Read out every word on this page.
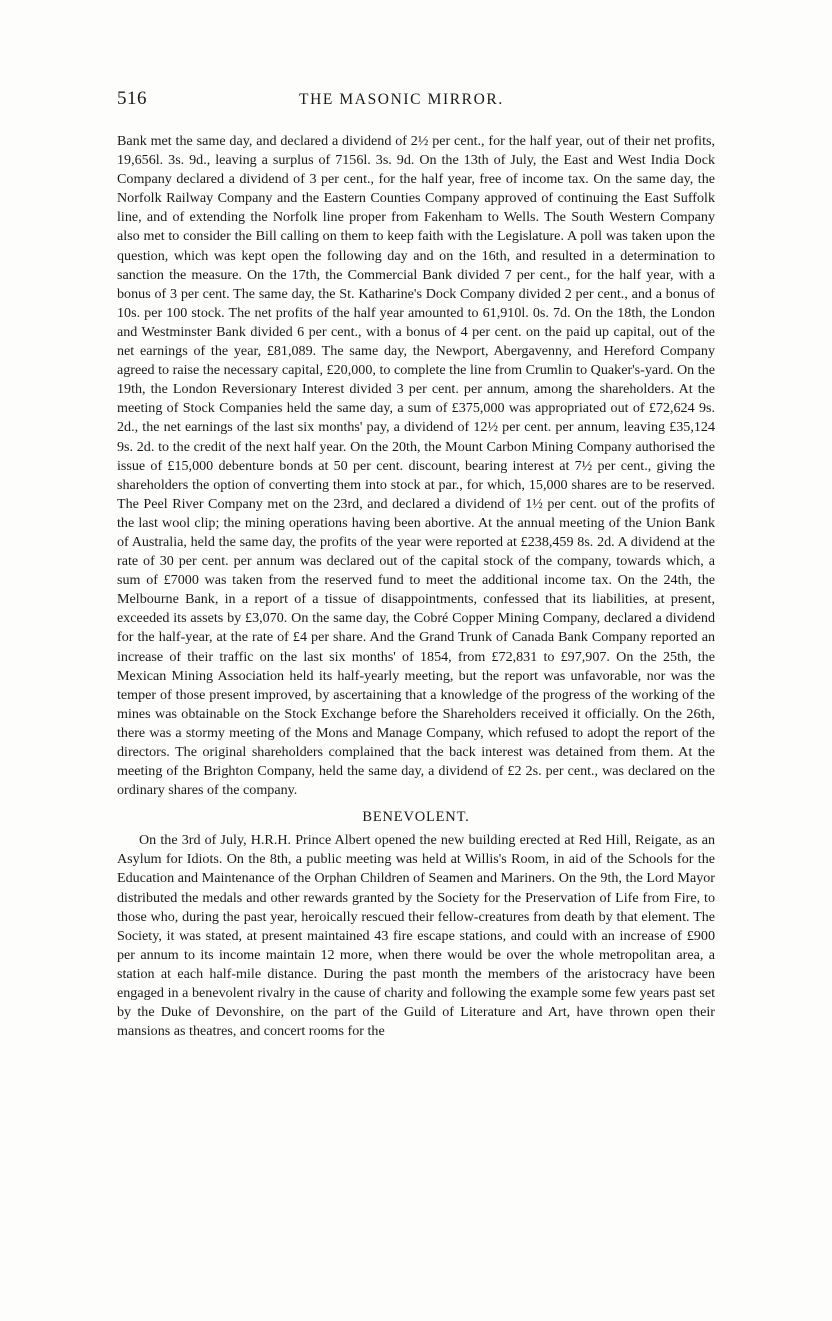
516	THE MASONIC MIRROR.

Bank met the same day, and declared a dividend of 2½ per cent., for the half year, out of their net profits, 19,656l. 3s. 9d., leaving a surplus of 7156l. 3s. 9d. On the 13th of July, the East and West India Dock Company declared a dividend of 3 per cent., for the half year, free of income tax. On the same day, the Norfolk Railway Company and the Eastern Counties Company approved of continuing the East Suffolk line, and of extending the Norfolk line proper from Fakenham to Wells. The South Western Company also met to consider the Bill calling on them to keep faith with the Legislature. A poll was taken upon the question, which was kept open the following day and on the 16th, and resulted in a determination to sanction the measure. On the 17th, the Commercial Bank divided 7 per cent., for the half year, with a bonus of 3 per cent. The same day, the St. Katharine's Dock Company divided 2 per cent., and a bonus of 10s. per 100 stock. The net profits of the half year amounted to 61,910l. 0s. 7d. On the 18th, the London and Westminster Bank divided 6 per cent., with a bonus of 4 per cent. on the paid up capital, out of the net earnings of the year, £81,089. The same day, the Newport, Abergavenny, and Hereford Company agreed to raise the necessary capital, £20,000, to complete the line from Crumlin to Quaker's-yard. On the 19th, the London Reversionary Interest divided 3 per cent. per annum, among the shareholders. At the meeting of Stock Companies held the same day, a sum of £375,000 was appropriated out of £72,624 9s. 2d., the net earnings of the last six months' pay, a dividend of 12½ per cent. per annum, leaving £35,124 9s. 2d. to the credit of the next half year. On the 20th, the Mount Carbon Mining Company authorised the issue of £15,000 debenture bonds at 50 per cent. discount, bearing interest at 7½ per cent., giving the shareholders the option of converting them into stock at par., for which, 15,000 shares are to be reserved. The Peel River Company met on the 23rd, and declared a dividend of 1½ per cent. out of the profits of the last wool clip; the mining operations having been abortive. At the annual meeting of the Union Bank of Australia, held the same day, the profits of the year were reported at £238,459 8s. 2d. A dividend at the rate of 30 per cent. per annum was declared out of the capital stock of the company, towards which, a sum of £7000 was taken from the reserved fund to meet the additional income tax. On the 24th, the Melbourne Bank, in a report of a tissue of disappointments, confessed that its liabilities, at present, exceeded its assets by £3,070. On the same day, the Cobré Copper Mining Company, declared a dividend for the half-year, at the rate of £4 per share. And the Grand Trunk of Canada Bank Company reported an increase of their traffic on the last six months' of 1854, from £72,831 to £97,907. On the 25th, the Mexican Mining Association held its half-yearly meeting, but the report was unfavorable, nor was the temper of those present improved, by ascertaining that a knowledge of the progress of the working of the mines was obtainable on the Stock Exchange before the Shareholders received it officially. On the 26th, there was a stormy meeting of the Mons and Manage Company, which refused to adopt the report of the directors. The original shareholders complained that the back interest was detained from them. At the meeting of the Brighton Company, held the same day, a dividend of £2 2s. per cent., was declared on the ordinary shares of the company.

BENEVOLENT.

On the 3rd of July, H.R.H. Prince Albert opened the new building erected at Red Hill, Reigate, as an Asylum for Idiots. On the 8th, a public meeting was held at Willis's Room, in aid of the Schools for the Education and Maintenance of the Orphan Children of Seamen and Mariners. On the 9th, the Lord Mayor distributed the medals and other rewards granted by the Society for the Preservation of Life from Fire, to those who, during the past year, heroically rescued their fellow-creatures from death by that element. The Society, it was stated, at present maintained 43 fire escape stations, and could with an increase of £900 per annum to its income maintain 12 more, when there would be over the whole metropolitan area, a station at each half-mile distance. During the past month the members of the aristocracy have been engaged in a benevolent rivalry in the cause of charity and following the example some few years past set by the Duke of Devonshire, on the part of the Guild of Literature and Art, have thrown open their mansions as theatres, and concert rooms for the
